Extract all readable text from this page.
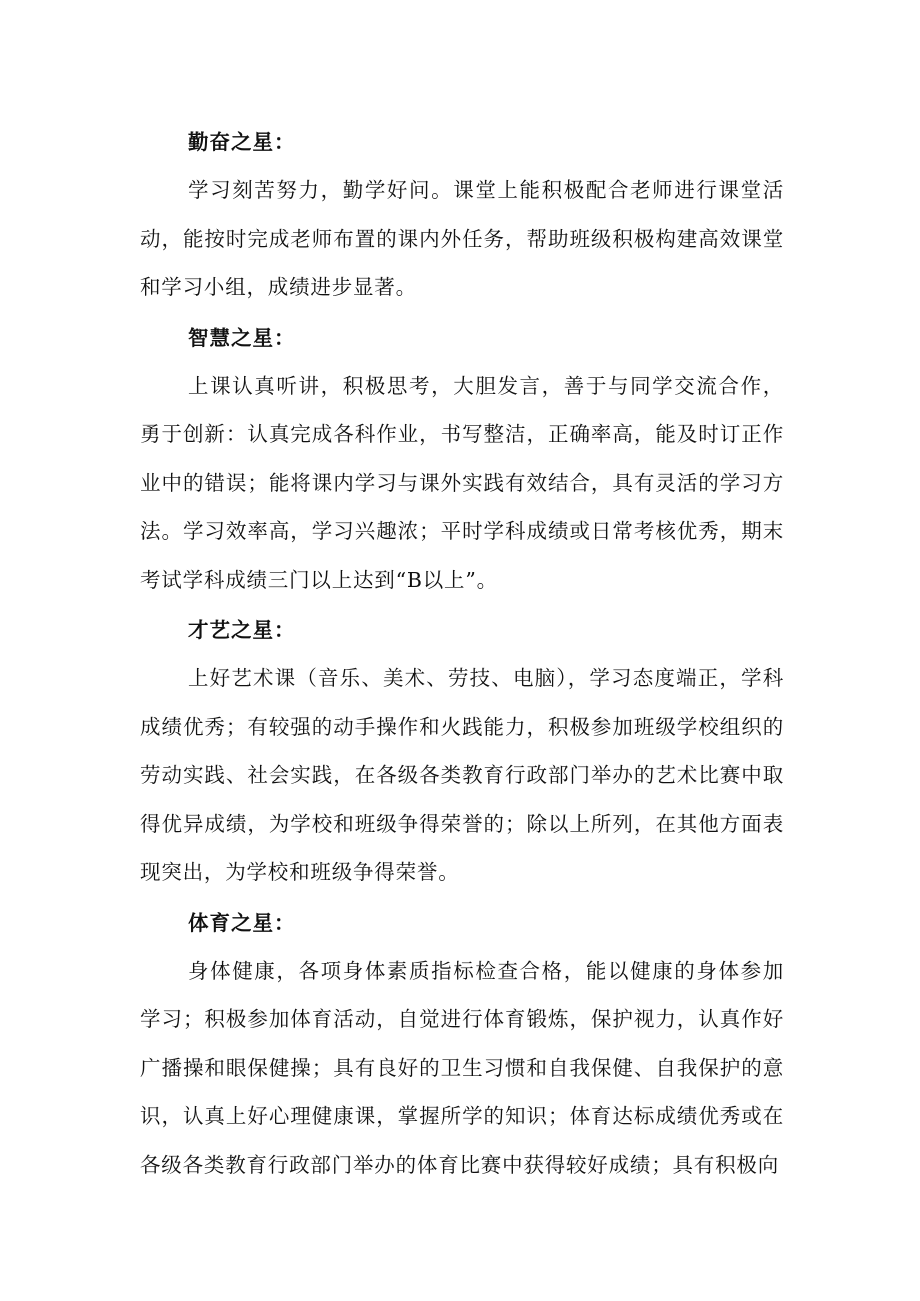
勤奋之星：

学习刻苦努力，勤学好问。课堂上能积极配合老师进行课堂活动，能按时完成老师布置的课内外任务，帮助班级积极构建高效课堂和学习小组，成绩进步显著。

智慧之星：

上课认真听讲，积极思考，大胆发言，善于与同学交流合作，勇于创新：认真完成各科作业，书写整洁，正确率高，能及时订正作业中的错误；能将课内学习与课外实践有效结合，具有灵活的学习方法。学习效率高，学习兴趣浓；平时学科成绩或日常考核优秀，期末考试学科成绩三门以上达到“B以上”。

才艺之星：

上好艺术课（音乐、美术、劳技、电脑），学习态度端正，学科成绩优秀；有较强的动手操作和火践能力，积极参加班级学校组织的劳动实践、社会实践，在各级各类教育行政部门举办的艺术比赛中取得优异成绩，为学校和班级争得荣誉的；除以上所列，在其他方面表现突出，为学校和班级争得荣誉。

体育之星：

身体健康，各项身体素质指标检查合格，能以健康的身体参加学习；积极参加体育活动，自觉进行体育锻炼，保护视力，认真作好广播操和眼保健操；具有良好的卫生习惯和自我保健、自我保护的意识，认真上好心理健康课，掌握所学的知识；体育达标成绩优秀或在各级各类教育行政部门举办的体育比赛中获得较好成绩；具有积极向
